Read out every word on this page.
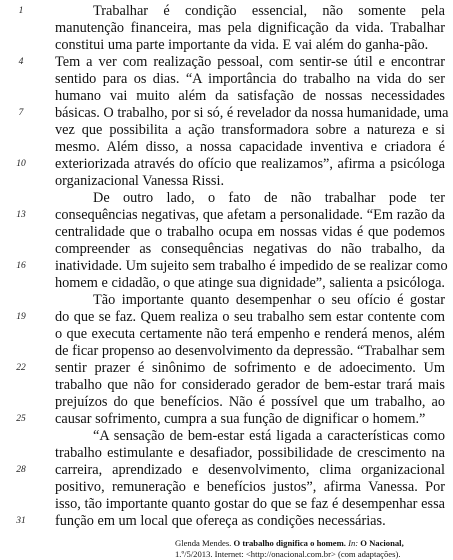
1	Trabalhar é condição essencial, não somente pela
manutenção financeira, mas pela dignificação da vida. Trabalhar
constitui uma parte importante da vida. E vai além do ganha-pão.
4	Tem a ver com realização pessoal, com sentir-se útil e encontrar
sentido para os dias. “A importância do trabalho na vida do ser
humano vai muito além da satisfação de nossas necessidades
7	básicas. O trabalho, por si só, é revelador da nossa humanidade, uma
vez que possibilita a ação transformadora sobre a natureza e si
mesmo. Além disso, a nossa capacidade inventiva e criadora é
10 exteriorizada através do ofício que realizamos”, afirma a psicóloga
organizacional Vanessa Rissi.
De outro lado, o fato de não trabalhar pode ter
13 consequências negativas, que afetam a personalidade. “Em razão da
centralidade que o trabalho ocupa em nossas vidas é que podemos
compreender as consequências negativas do não trabalho, da
16 inatividade. Um sujeito sem trabalho é impedido de se realizar como
homem e cidadão, o que atinge sua dignidade”, salienta a psicóloga.
Tão importante quanto desempenhar o seu ofício é gostar
19 do que se faz. Quem realiza o seu trabalho sem estar contente com
o que executa certamente não terá empenho e renderá menos, além
de ficar propenso ao desenvolvimento da depressão. “Trabalhar sem
22 sentir prazer é sinônimo de sofrimento e de adoecimento. Um
trabalho que não for considerado gerador de bem-estar trará mais
prejuízos do que benefícios. Não é possível que um trabalho, ao
25 causar sofrimento, cumpra a sua função de dignificar o homem.”
“A sensação de bem-estar está ligada a características como
trabalho estimulante e desafiador, possibilidade de crescimento na
28 carreira, aprendizado e desenvolvimento, clima organizacional
positivo, remuneração e benefícios justos”, afirma Vanessa. Por
isso, tão importante quanto gostar do que se faz é desempenhar essa
31 função em um local que ofereça as condições necessárias.
Glenda Mendes. O trabalho dignifica o homem. In: O Nacional,
1.º/5/2013. Internet: <http://onacional.com.br> (com adaptações).
